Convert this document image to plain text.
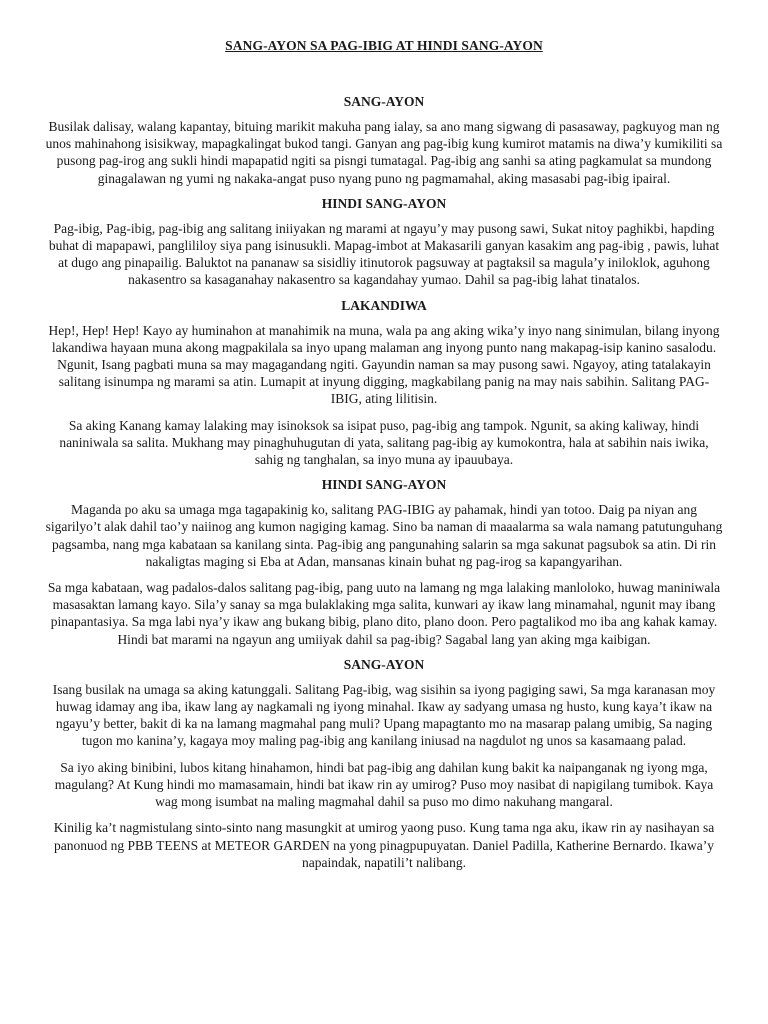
SANG-AYON SA PAG-IBIG AT HINDI SANG-AYON
SANG-AYON
Busilak dalisay, walang kapantay, bituing marikit makuha pang ialay, sa ano mang sigwang di pasasaway, pagkuyog man ng unos mahinahong isisikway, mapagkalingat bukod tangi. Ganyan ang pag-ibig kung kumirot matamis na diwa’y kumikiliti sa pusong pag-irog ang sukli hindi mapapatid ngiti sa pisngi tumatagal. Pag-ibig ang sanhi sa ating pagkamulat sa mundong ginagalawan ng yumi ng nakaka-angat puso nyang puno ng pagmamahal, aking masasabi pag-ibig ipairal.
HINDI SANG-AYON
Pag-ibig, Pag-ibig, pag-ibig ang salitang iniiyakan ng marami at ngayu’y may pusong sawi, Sukat nitoy paghikbi, hapding buhat di mapapawi, panglililoy siya pang isinusukli. Mapag-imbot at Makasarili ganyan kasakim ang pag-ibig , pawis, luhat at dugo ang pinapailig. Baluktot na pananaw sa sisidliy itinutorok pagsuway at pagtaksil sa magula’y iniloklok, aguhong nakasentro sa kasaganahay nakasentro sa kagandahay yumao. Dahil sa pag-ibig lahat tinatalos.
LAKANDIWA
Hep!, Hep! Hep! Kayo ay huminahon at manahimik na muna, wala pa ang aking wika’y inyo nang sinimulan, bilang inyong lakandiwa hayaan muna akong magpakilala sa inyo upang malaman ang inyong punto nang makapag-isip kanino sasalodu. Ngunit, Isang pagbati muna sa may magagandang ngiti. Gayundin naman sa may pusong sawi. Ngayoy, ating tatalakayin salitang isinumpa ng marami sa atin. Lumapit at inyung digging, magkabilang panig na may nais sabihin. Salitang PAG-IBIG, ating lilitisin.
Sa aking Kanang kamay lalaking may isinoksok sa isipat puso, pag-ibig ang tampok. Ngunit, sa aking kaliway, hindi naniniwala sa salita. Mukhang may pinaghuhugutan di yata, salitang pag-ibig ay kumokontra, hala at sabihin nais iwika, sahig ng tanghalan, sa inyo muna ay ipauubaya.
HINDI SANG-AYON
Maganda po aku sa umaga mga tagapakinig ko, salitang PAG-IBIG ay pahamak, hindi yan totoo. Daig pa niyan ang sigarilyo’t alak dahil tao’y naiinog ang kumon nagiging kamag. Sino ba naman di maaalarma sa wala namang patutunguhang pagsamba, nang mga kabataan sa kanilang sinta. Pag-ibig ang pangunahing salarin sa mga sakunat pagsubok sa atin. Di rin nakaligtas maging si Eba at Adan, mansanas kinain buhat ng pag-irog sa kapangyarihan.
Sa mga kabataan, wag padalos-dalos salitang pag-ibig, pang uuto na lamang ng mga lalaking manloloko, huwag maniniwala masasaktan lamang kayo. Sila’y sanay sa mga bulaklaking mga salita, kunwari ay ikaw lang minamahal, ngunit may ibang pinapantasiya. Sa mga labi nya’y ikaw ang bukang bibig, plano dito, plano doon. Pero pagtalikod mo iba ang kahak kamay. Hindi bat marami na ngayun ang umiiyak dahil sa pag-ibig? Sagabal lang yan aking mga kaibigan.
SANG-AYON
Isang busilak na umaga sa aking katunggali. Salitang Pag-ibig, wag sisihin sa iyong pagiging sawi, Sa mga karanasan moy huwag idamay ang iba, ikaw lang ay nagkamali ng iyong minahal. Ikaw ay sadyang umasa ng husto, kung kaya’t ikaw na ngayu’y better, bakit di ka na lamang magmahal pang muli? Upang mapagtanto mo na masarap palang umibig, Sa naging tugon mo kanina’y, kagaya moy maling pag-ibig ang kanilang iniusad na nagdulot ng unos sa kasamaang palad.
Sa iyo aking binibini, lubos kitang hinahamon, hindi bat pag-ibig ang dahilan kung bakit ka naipanganak ng iyong mga, magulang? At Kung hindi mo mamasamain, hindi bat ikaw rin ay umirog? Puso moy nasibat di napigilang tumibok. Kaya wag mong isumbat na maling magmahal dahil sa puso mo dimo nakuhang mangaral.
Kinilig ka’t nagmistulang sinto-sinto nang masungkit at umirog yaong puso. Kung tama nga aku, ikaw rin ay nasihayan sa panonuod ng PBB TEENS at METEOR GARDEN na yong pinagpupuyatan. Daniel Padilla, Katherine Bernardo. Ikawa’y napaindak, napatili’t nalibang.
